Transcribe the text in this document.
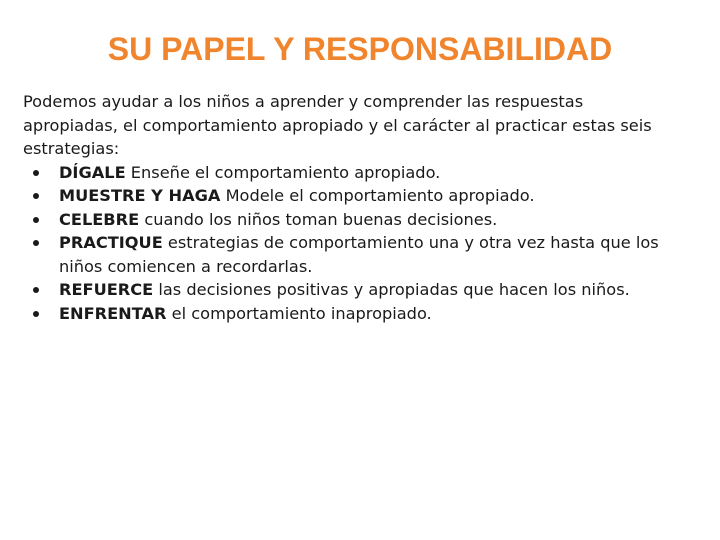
SU PAPEL Y RESPONSABILIDAD

Podemos ayudar a los niños a aprender y comprender las respuestas apropiadas, el comportamiento apropiado y el carácter al practicar estas seis estrategias:

DÍGALE Enseñe el comportamiento apropiado.
MUESTRE Y HAGA Modele el comportamiento apropiado.
CELEBRE cuando los niños toman buenas decisiones.
PRACTIQUE estrategias de comportamiento una y otra vez hasta que los niños comiencen a recordarlas.
REFUERCE las decisiones positivas y apropiadas que hacen los niños.
ENFRENTAR el comportamiento inapropiado.
